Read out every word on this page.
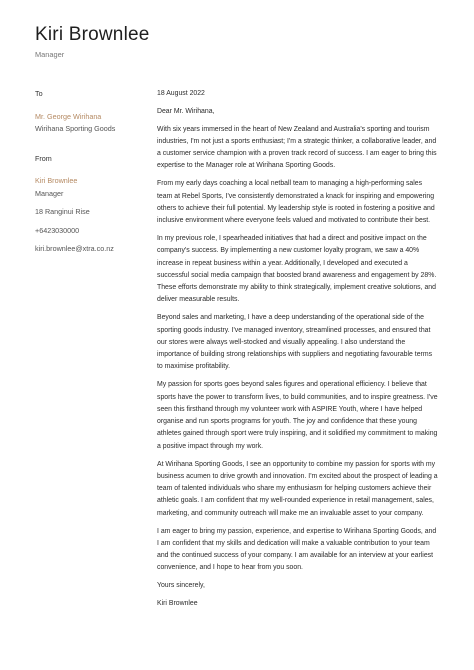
Kiri Brownlee
Manager
To
Mr. George Wirihana
Wirihana Sporting Goods
From
Kiri Brownlee
Manager
18 Ranginui Rise
+6423030000
kiri.brownlee@xtra.co.nz

18 August 2022

Dear Mr. Wirihana,

With six years immersed in the heart of New Zealand and Australia's sporting and tourism industries, I'm not just a sports enthusiast; I'm a strategic thinker, a collaborative leader, and a customer service champion with a proven track record of success. I am eager to bring this expertise to the Manager role at Wirihana Sporting Goods.

From my early days coaching a local netball team to managing a high-performing sales team at Rebel Sports, I've consistently demonstrated a knack for inspiring and empowering others to achieve their full potential. My leadership style is rooted in fostering a positive and inclusive environment where everyone feels valued and motivated to contribute their best.

In my previous role, I spearheaded initiatives that had a direct and positive impact on the company's success. By implementing a new customer loyalty program, we saw a 40% increase in repeat business within a year. Additionally, I developed and executed a successful social media campaign that boosted brand awareness and engagement by 28%. These efforts demonstrate my ability to think strategically, implement creative solutions, and deliver measurable results.

Beyond sales and marketing, I have a deep understanding of the operational side of the sporting goods industry. I've managed inventory, streamlined processes, and ensured that our stores were always well-stocked and visually appealing. I also understand the importance of building strong relationships with suppliers and negotiating favourable terms to maximise profitability.

My passion for sports goes beyond sales figures and operational efficiency. I believe that sports have the power to transform lives, to build communities, and to inspire greatness. I've seen this firsthand through my volunteer work with ASPIRE Youth, where I have helped organise and run sports programs for youth. The joy and confidence that these young athletes gained through sport were truly inspiring, and it solidified my commitment to making a positive impact through my work.

At Wirihana Sporting Goods, I see an opportunity to combine my passion for sports with my business acumen to drive growth and innovation. I'm excited about the prospect of leading a team of talented individuals who share my enthusiasm for helping customers achieve their athletic goals. I am confident that my well-rounded experience in retail management, sales, marketing, and community outreach will make me an invaluable asset to your company.

I am eager to bring my passion, experience, and expertise to Wirihana Sporting Goods, and I am confident that my skills and dedication will make a valuable contribution to your team and the continued success of your company. I am available for an interview at your earliest convenience, and I hope to hear from you soon.

Yours sincerely,

Kiri Brownlee
